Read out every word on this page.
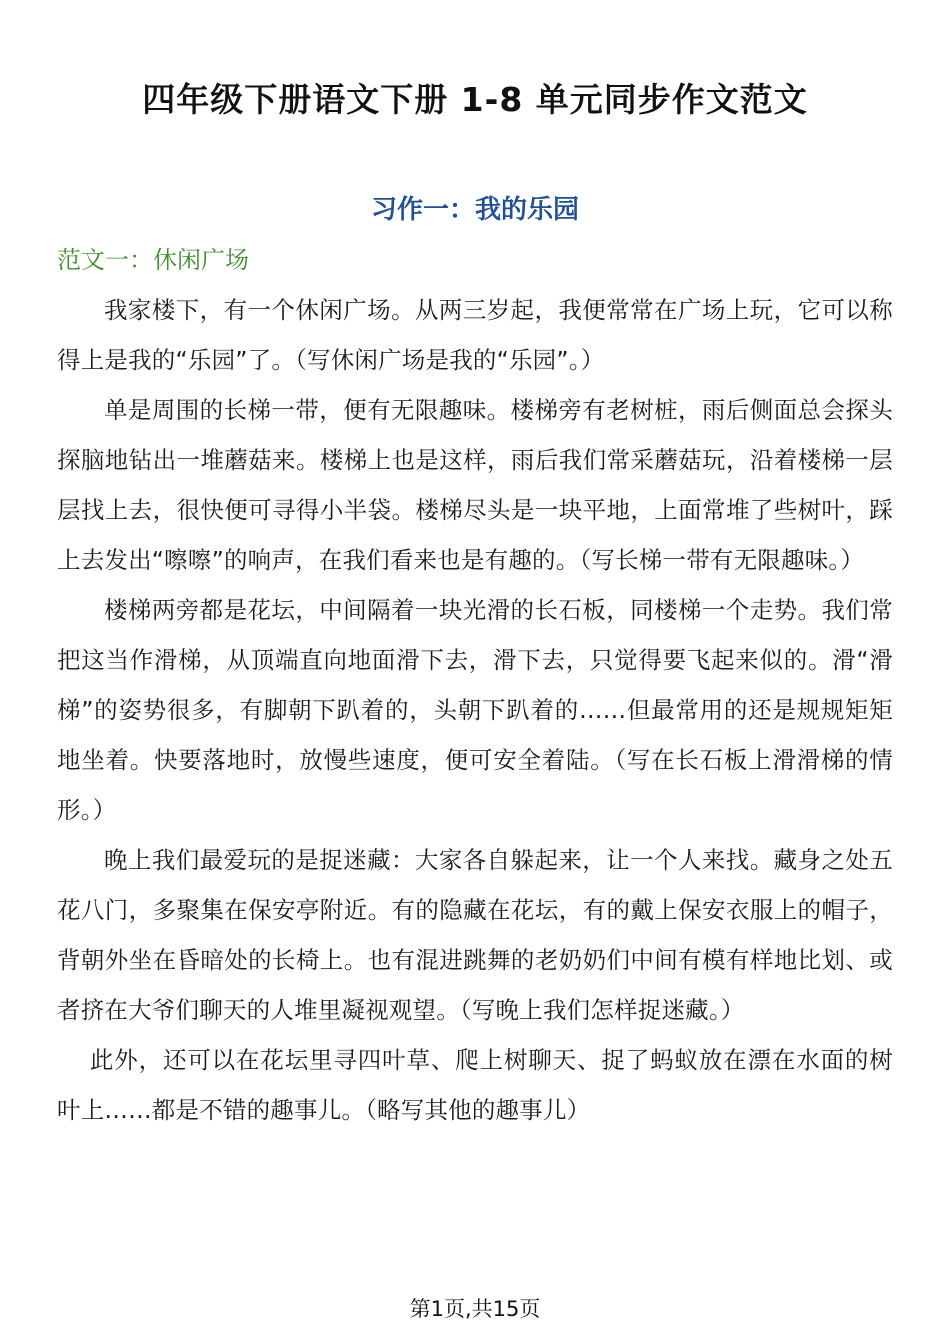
四年级下册语文下册 1-8 单元同步作文范文
习作一：我的乐园
范文一：休闲广场

我家楼下，有一个休闲广场。从两三岁起，我便常常在广场上玩，它可以称得上是我的“乐园”了。（写休闲广场是我的“乐园”。）

单是周围的长梯一带，便有无限趣味。楼梯旁有老树桩，雨后侧面总会探头探脑地钻出一堆蘑菇来。楼梯上也是这样，雨后我们常采蘑菇玩，沿着楼梯一层层找上去，很快便可寻得小半袋。楼梯尽头是一块平地，上面常堆了些树叶，踩上去发出“嚓嚓”的响声，在我们看来也是有趣的。（写长梯一带有无限趣味。）

楼梯两旁都是花坛，中间隔着一块光滑的长石板，同楼梯一个走势。我们常把这当作滑梯，从顶端直向地面滑下去，滑下去，只觉得要飞起来似的。滑“滑梯”的姿势很多，有脚朝下趴着的，头朝下趴着的……但最常用的还是规规矩矩地坐着。快要落地时，放慢些速度，便可安全着陆。（写在长石板上滑滑梯的情形。）

晚上我们最爱玩的是捉迷藏：大家各自躲起来，让一个人来找。藏身之处五花八门，多聚集在保安亭附近。有的隐藏在花坛，有的戴上保安衣服上的帽子，背朝外坐在昏暗处的长椅上。也有混进跳舞的老奶奶们中间有模有样地比划、或者挤在大爷们聊天的人堆里凝视观望。（写晚上我们怎样捉迷藏。）

此外，还可以在花坛里寻四叶草、爬上树聊天、捉了蚂蚁放在漂在水面的树叶上……都是不错的趣事儿。（略写其他的趣事儿）

第1页,共15页
